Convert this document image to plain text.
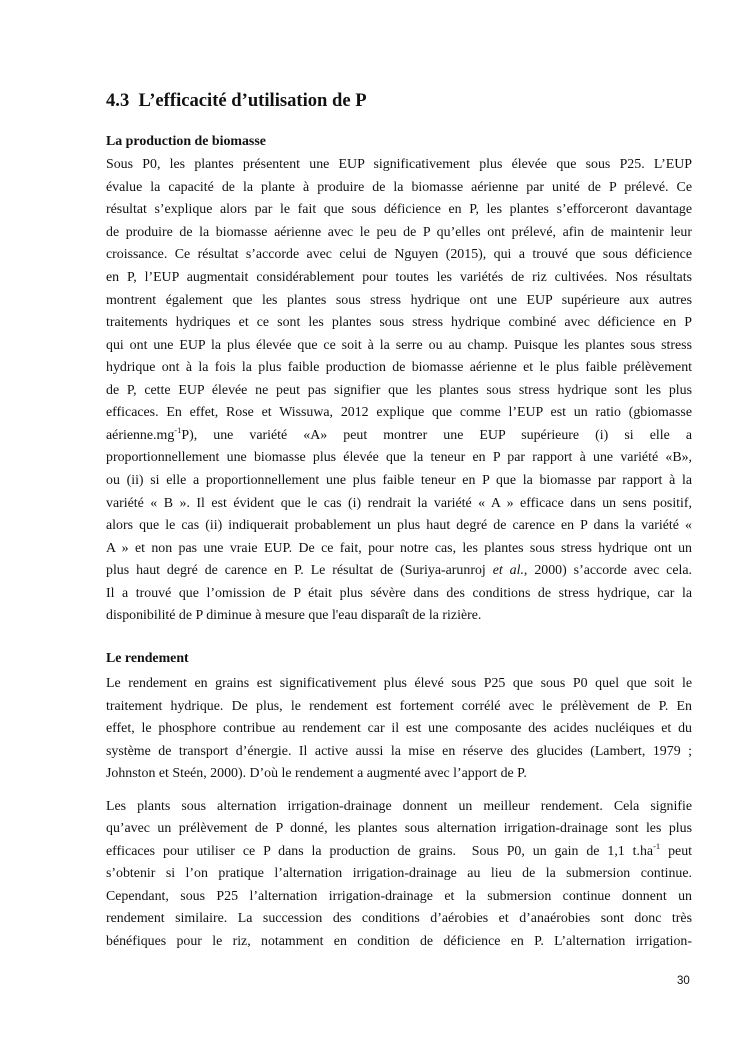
4.3 L’efficacité d’utilisation de P
La production de biomasse
Sous P0, les plantes présentent une EUP significativement plus élevée que sous P25. L’EUP
évalue la capacité de la plante à produire de la biomasse aérienne par unité de P prélevé. Ce
résultat s’explique alors par le fait que sous déficience en P, les plantes s’efforceront davantage
de produire de la biomasse aérienne avec le peu de P qu’elles ont prélevé, afin de maintenir leur
croissance. Ce résultat s’accorde avec celui de Nguyen (2015), qui a trouvé que sous déficience
en P, l’EUP augmentait considérablement pour toutes les variétés de riz cultivées. Nos résultats
montrent également que les plantes sous stress hydrique ont une EUP supérieure aux autres
traitements hydriques et ce sont les plantes sous stress hydrique combiné avec déficience en P
qui ont une EUP la plus élevée que ce soit à la serre ou au champ. Puisque les plantes sous stress
hydrique ont à la fois la plus faible production de biomasse aérienne et le plus faible prélèvement
de P, cette EUP élevée ne peut pas signifier que les plantes sous stress hydrique sont les plus
efficaces. En effet, Rose et Wissuwa, 2012 explique que comme l’EUP est un ratio (gbiomasse
$aérienne.mg^{-1}P$),  une  variété  «A»  peut  montrer  une  EUP  supérieure  (i)  si  elle  a
proportionnellement une biomasse plus élevée que la teneur en P par rapport à une variété «B»,
ou (ii) si elle a proportionnellement une plus faible teneur en P que la biomasse par rapport à la
variété « B ». Il est évident que le cas (i) rendrait la variété « A » efficace dans un sens positif,
alors que le cas (ii) indiquerait probablement un plus haut degré de carence en P dans la variété «
A » et non pas une vraie EUP. De ce fait, pour notre cas, les plantes sous stress hydrique ont un
plus haut degré de carence en P. Le résultat de (Suriya-arunroj et al., 2000) s’accorde avec cela.
Il a trouvé que l’omission de P était plus sévère dans des conditions de stress hydrique, car la
disponibilité de P diminue à mesure que l'eau disparaît de la rizière.
Le rendement
Le rendement en grains est significativement plus élevé sous P25 que sous P0 quel que soit le
traitement hydrique. De plus, le rendement est fortement corrélé avec le prélèvement de P. En
effet, le phosphore contribue au rendement car il est une composante des acides nucléiques et du
système de transport d’énergie. Il active aussi la mise en réserve des glucides (Lambert, 1979 ;
Johnston et Steén, 2000). D’où le rendement a augmenté avec l’apport de P.
Les plants sous alternation irrigation-drainage donnent un meilleur rendement. Cela signifie
qu’avec un prélèvement de P donné, les plantes sous alternation irrigation-drainage sont les plus
efficaces pour utiliser ce P dans la production de grains.  Sous P0, un gain de 1,1 $t.ha^{-1}$ peut
s’obtenir si l’on pratique l’alternation irrigation-drainage au lieu de la submersion continue.
Cependant, sous P25 l’alternation irrigation-drainage et la submersion continue donnent un
rendement similaire. La succession des conditions d’aérobies et d’anaérobies sont donc très
bénéfiques pour le riz, notamment en condition de déficience en P. L’alternation irrigation-
30
